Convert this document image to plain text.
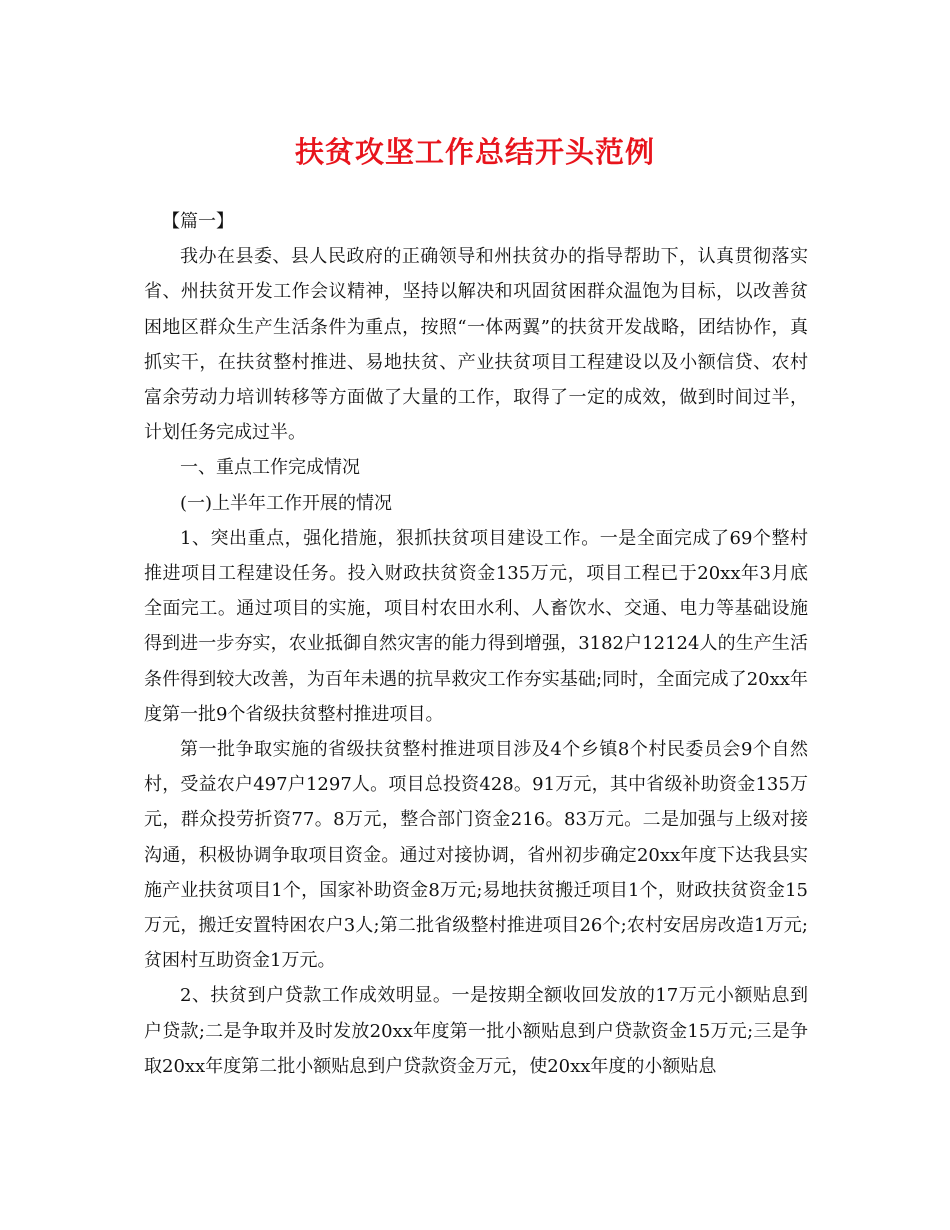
扶贫攻坚工作总结开头范例

【篇一】

我办在县委、县人民政府的正确领导和州扶贫办的指导帮助下，认真贯彻落实省、州扶贫开发工作会议精神，坚持以解决和巩固贫困群众温饱为目标，以改善贫困地区群众生产生活条件为重点，按照“一体两翼”的扶贫开发战略，团结协作，真抓实干，在扶贫整村推进、易地扶贫、产业扶贫项目工程建设以及小额信贷、农村富余劳动力培训转移等方面做了大量的工作，取得了一定的成效，做到时间过半，计划任务完成过半。

一、重点工作完成情况

(一)上半年工作开展的情况

1、突出重点，强化措施，狠抓扶贫项目建设工作。一是全面完成了69个整村推进项目工程建设任务。投入财政扶贫资金135万元，项目工程已于20xx年3月底全面完工。通过项目的实施，项目村农田水利、人畜饮水、交通、电力等基础设施得到进一步夯实，农业抵御自然灾害的能力得到增强，3182户12124人的生产生活条件得到较大改善，为百年未遇的抗旱救灾工作夯实基础;同时，全面完成了20xx年度第一批9个省级扶贫整村推进项目。

第一批争取实施的省级扶贫整村推进项目涉及4个乡镇8个村民委员会9个自然村，受益农户497户1297人。项目总投资428。91万元，其中省级补助资金135万元，群众投劳折资77。8万元，整合部门资金216。83万元。二是加强与上级对接沟通，积极协调争取项目资金。通过对接协调，省州初步确定20xx年度下达我县实施产业扶贫项目1个，国家补助资金8万元;易地扶贫搬迁项目1个，财政扶贫资金15万元，搬迁安置特困农户3人;第二批省级整村推进项目26个;农村安居房改造1万元;贫困村互助资金1万元。

2、扶贫到户贷款工作成效明显。一是按期全额收回发放的17万元小额贴息到户贷款;二是争取并及时发放20xx年度第一批小额贴息到户贷款资金15万元;三是争取20xx年度第二批小额贴息到户贷款资金万元，使20xx年度的小额贴息
